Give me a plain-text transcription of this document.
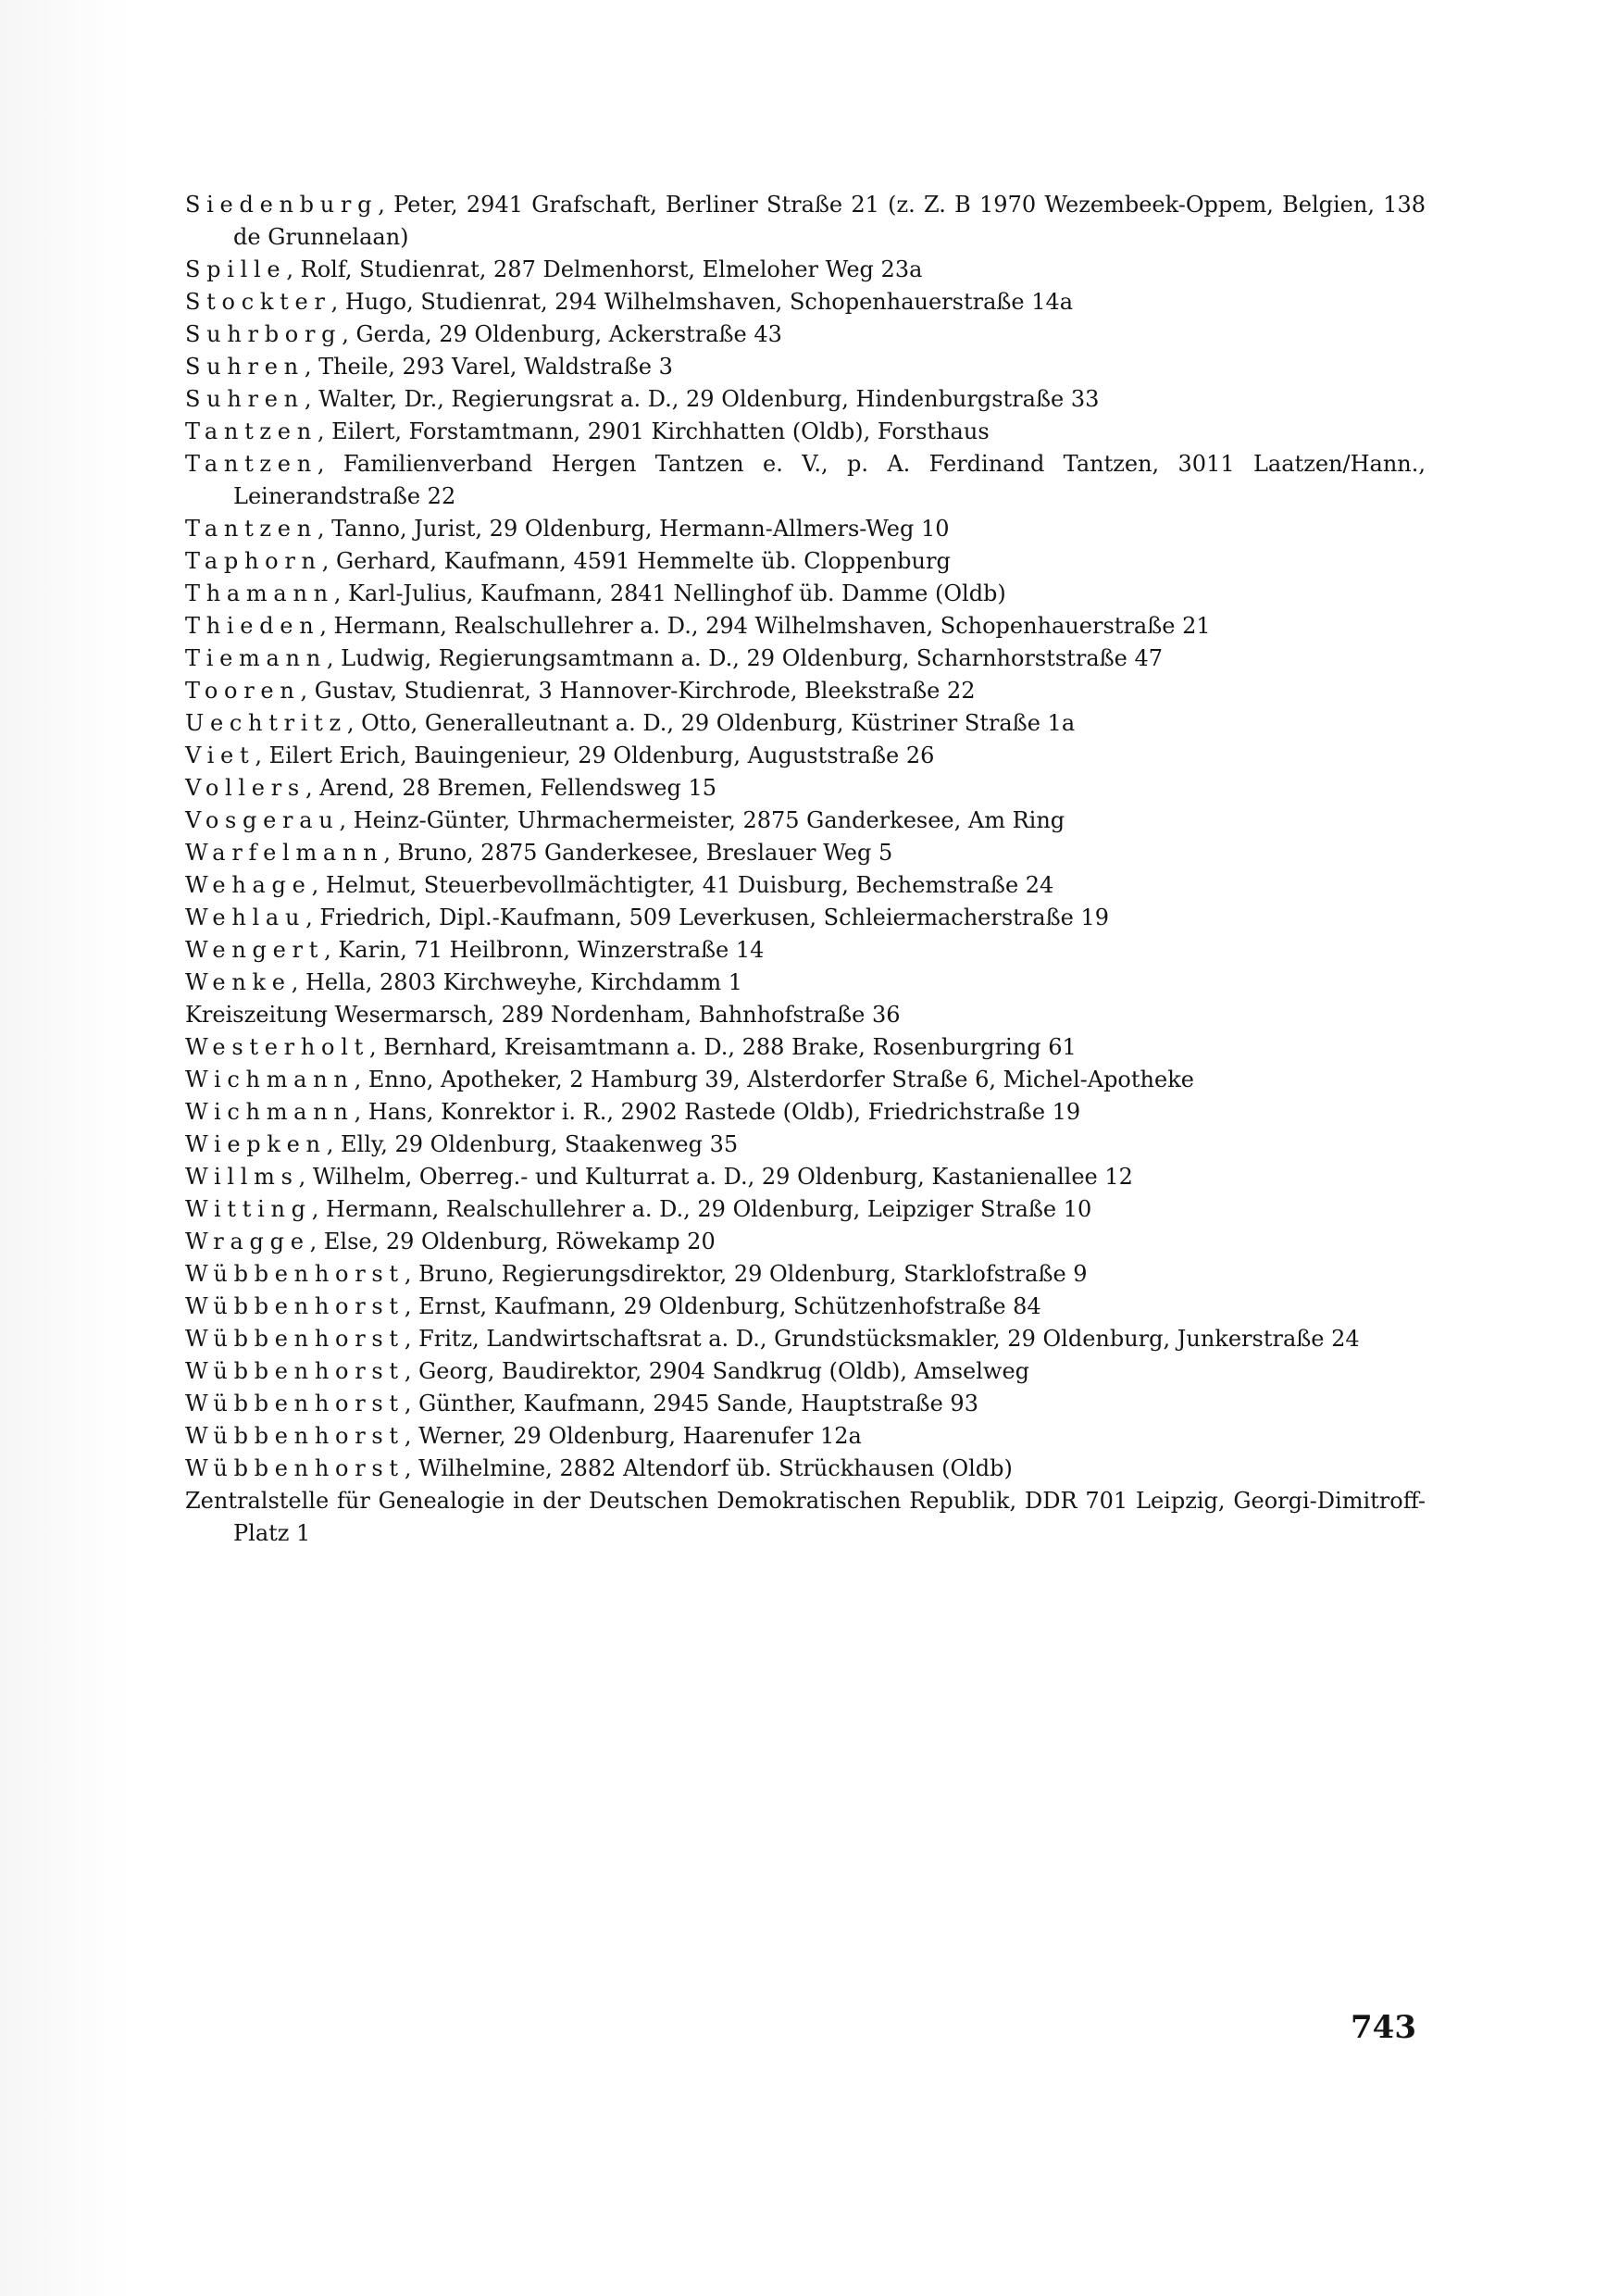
Siedenburg, Peter, 2941 Grafschaft, Berliner Straße 21 (z. Z. B 1970 Wezembeek-Oppem, Belgien, 138 de Grunnelaan)
Spille, Rolf, Studienrat, 287 Delmenhorst, Elmeloher Weg 23a
Stockter, Hugo, Studienrat, 294 Wilhelmshaven, Schopenhauerstraße 14a
Suhrborg, Gerda, 29 Oldenburg, Ackerstraße 43
Suhren, Theile, 293 Varel, Waldstraße 3
Suhren, Walter, Dr., Regierungsrat a. D., 29 Oldenburg, Hindenburgstraße 33
Tantzen, Eilert, Forstamtmann, 2901 Kirchhatten (Oldb), Forsthaus
Tantzen, Familienverband Hergen Tantzen e. V., p. A. Ferdinand Tantzen, 3011 Laatzen/Hann., Leinerandstraße 22
Tantzen, Tanno, Jurist, 29 Oldenburg, Hermann-Allmers-Weg 10
Taphorn, Gerhard, Kaufmann, 4591 Hemmelte üb. Cloppenburg
Thamann, Karl-Julius, Kaufmann, 2841 Nellinghof üb. Damme (Oldb)
Thieden, Hermann, Realschullehrer a. D., 294 Wilhelmshaven, Schopenhauerstraße 21
Tiemann, Ludwig, Regierungsamtmann a. D., 29 Oldenburg, Scharnhorststraße 47
Tooren, Gustav, Studienrat, 3 Hannover-Kirchrode, Bleekstraße 22
Uechtritz, Otto, Generalleutnant a. D., 29 Oldenburg, Küstriner Straße 1a
Viet, Eilert Erich, Bauingenieur, 29 Oldenburg, Auguststraße 26
Vollers, Arend, 28 Bremen, Fellendsweg 15
Vosgerau, Heinz-Günter, Uhrmachermeister, 2875 Ganderkesee, Am Ring
Warfelmann, Bruno, 2875 Ganderkesee, Breslauer Weg 5
Wehage, Helmut, Steuerbevollmächtigter, 41 Duisburg, Bechemstraße 24
Wehlau, Friedrich, Dipl.-Kaufmann, 509 Leverkusen, Schleiermacherstraße 19
Wengert, Karin, 71 Heilbronn, Winzerstraße 14
Wenke, Hella, 2803 Kirchweyhe, Kirchdamm 1
Kreiszeitung Wesermarsch, 289 Nordenham, Bahnhofstraße 36
Westerholt, Bernhard, Kreisamtmann a. D., 288 Brake, Rosenburgring 61
Wichmann, Enno, Apotheker, 2 Hamburg 39, Alsterdorfer Straße 6, Michel-Apotheke
Wichmann, Hans, Konrektor i. R., 2902 Rastede (Oldb), Friedrichstraße 19
Wiepken, Elly, 29 Oldenburg, Staakenweg 35
Willms, Wilhelm, Oberreg.- und Kulturrat a. D., 29 Oldenburg, Kastanienallee 12
Witting, Hermann, Realschullehrer a. D., 29 Oldenburg, Leipziger Straße 10
Wragge, Else, 29 Oldenburg, Röwekamp 20
Wübbenhorst, Bruno, Regierungsdirektor, 29 Oldenburg, Starklofstraße 9
Wübbenhorst, Ernst, Kaufmann, 29 Oldenburg, Schützenhofstraße 84
Wübbenhorst, Fritz, Landwirtschaftsrat a. D., Grundstücksmakler, 29 Oldenburg, Junkerstraße 24
Wübbenhorst, Georg, Baudirektor, 2904 Sandkrug (Oldb), Amselweg
Wübbenhorst, Günther, Kaufmann, 2945 Sande, Hauptstraße 93
Wübbenhorst, Werner, 29 Oldenburg, Haarenufer 12a
Wübbenhorst, Wilhelmine, 2882 Altendorf üb. Strückhausen (Oldb)
Zentralstelle für Genealogie in der Deutschen Demokratischen Republik, DDR 701 Leipzig, Georgi-Dimitroff-Platz 1
743
